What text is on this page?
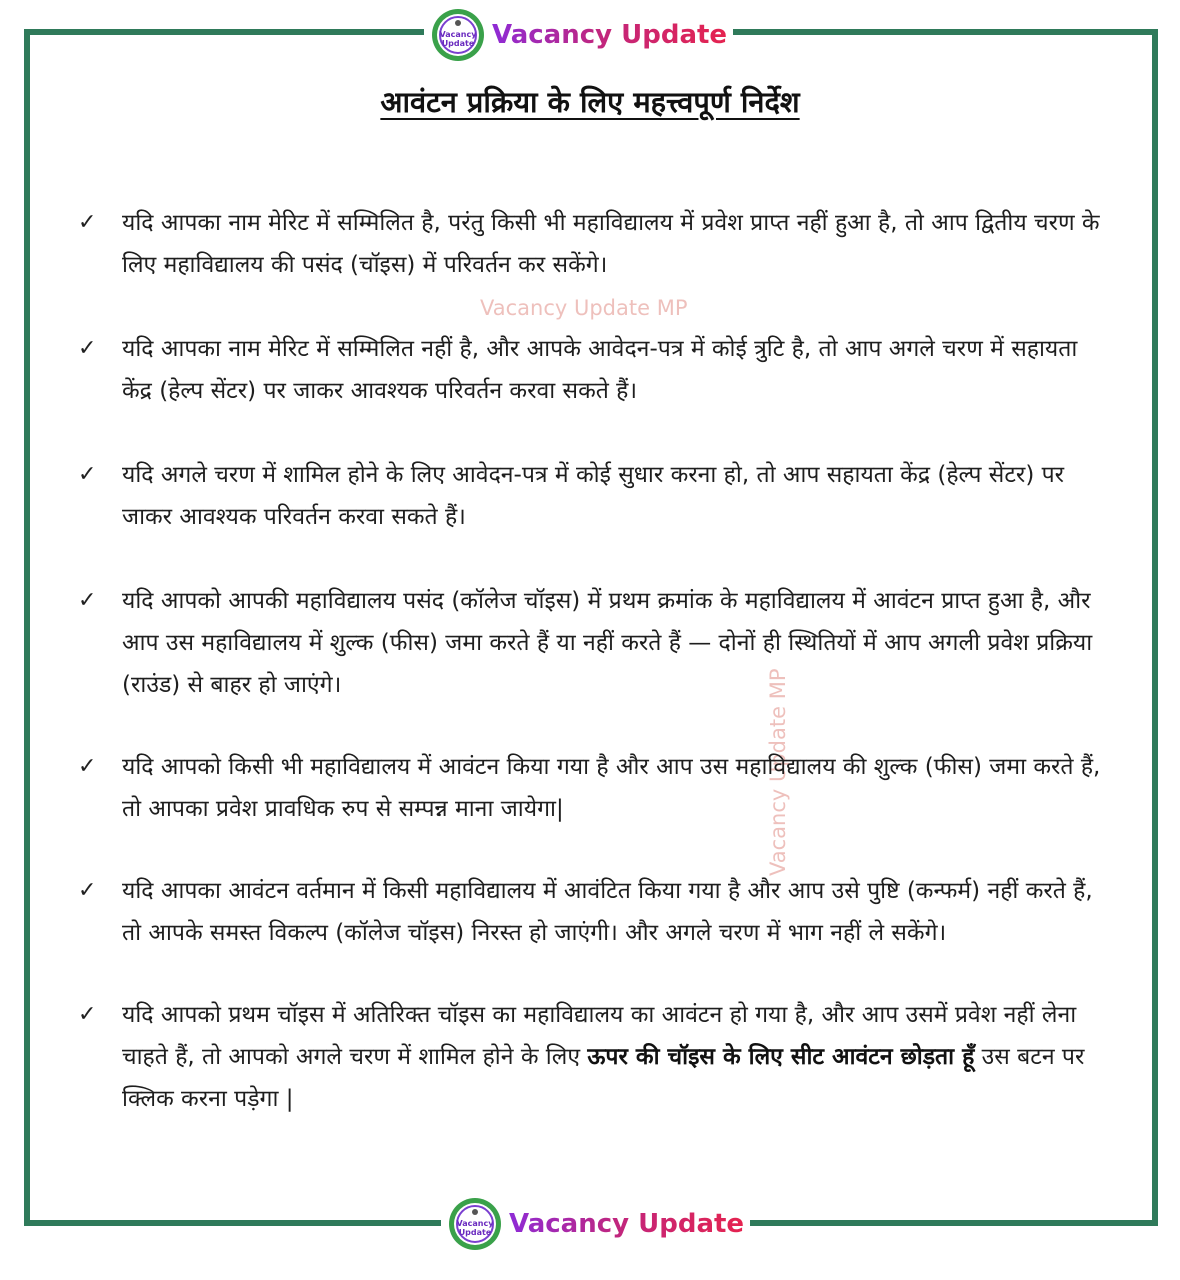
Vacancy
Update Vacancy Update
आवंटन प्रक्रिया के लिए महत्त्वपूर्ण निर्देश
Vacancy Update MP
Vacancy Update MP
✓ यदि आपका नाम मेरिट में सम्मिलित है, परंतु किसी भी महाविद्यालय में प्रवेश प्राप्त नहीं हुआ है, तो आप द्वितीय चरण के लिए महाविद्यालय की पसंद (चॉइस) में परिवर्तन कर सकेंगे।
✓ यदि आपका नाम मेरिट में सम्मिलित नहीं है, और आपके आवेदन-पत्र में कोई त्रुटि है, तो आप अगले चरण में सहायता केंद्र (हेल्प सेंटर) पर जाकर आवश्यक परिवर्तन करवा सकते हैं।
✓ यदि अगले चरण में शामिल होने के लिए आवेदन-पत्र में कोई सुधार करना हो, तो आप सहायता केंद्र (हेल्प सेंटर) पर जाकर आवश्यक परिवर्तन करवा सकते हैं।
✓ यदि आपको आपकी महाविद्यालय पसंद (कॉलेज चॉइस) में प्रथम क्रमांक के महाविद्यालय में आवंटन प्राप्त हुआ है, और आप उस महाविद्यालय में शुल्क (फीस) जमा करते हैं या नहीं करते हैं — दोनों ही स्थितियों में आप अगली प्रवेश प्रक्रिया (राउंड) से बाहर हो जाएंगे।
✓ यदि आपको किसी भी महाविद्यालय में आवंटन किया गया है और आप उस महाविद्यालय की शुल्क (फीस) जमा करते हैं, तो आपका प्रवेश प्रावधिक रुप से सम्पन्न माना जायेगा|
✓ यदि आपका आवंटन वर्तमान में किसी महाविद्यालय में आवंटित किया गया है और आप उसे पुष्टि (कन्फर्म) नहीं करते हैं, तो आपके समस्त विकल्प (कॉलेज चॉइस) निरस्त हो जाएंगी। और अगले चरण में भाग नहीं ले सकेंगे।
✓ यदि आपको प्रथम चॉइस में अतिरिक्त चॉइस का महाविद्यालय का आवंटन हो गया है, और आप उसमें प्रवेश नहीं लेना चाहते हैं, तो आपको अगले चरण में शामिल होने के लिए ऊपर की चॉइस के लिए सीट आवंटन छोड़ता हूँ उस बटन पर क्लिक करना पड़ेगा |
Vacancy
Update Vacancy Update
